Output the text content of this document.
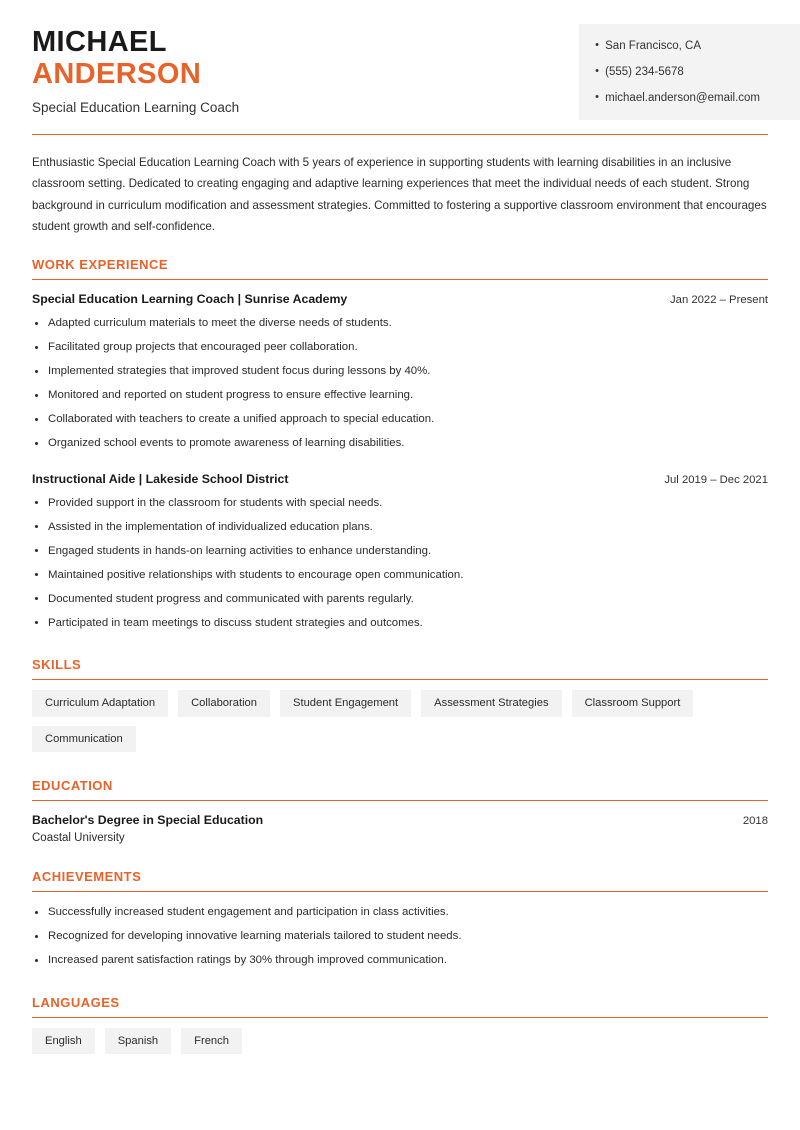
MICHAEL
ANDERSON
Special Education Learning Coach
• San Francisco, CA
• (555) 234-5678
• michael.anderson@email.com
Enthusiastic Special Education Learning Coach with 5 years of experience in supporting students with learning disabilities in an inclusive classroom setting. Dedicated to creating engaging and adaptive learning experiences that meet the individual needs of each student. Strong background in curriculum modification and assessment strategies. Committed to fostering a supportive classroom environment that encourages student growth and self-confidence.
WORK EXPERIENCE
Special Education Learning Coach | Sunrise Academy	Jan 2022 – Present
Adapted curriculum materials to meet the diverse needs of students.
Facilitated group projects that encouraged peer collaboration.
Implemented strategies that improved student focus during lessons by 40%.
Monitored and reported on student progress to ensure effective learning.
Collaborated with teachers to create a unified approach to special education.
Organized school events to promote awareness of learning disabilities.
Instructional Aide | Lakeside School District	Jul 2019 – Dec 2021
Provided support in the classroom for students with special needs.
Assisted in the implementation of individualized education plans.
Engaged students in hands-on learning activities to enhance understanding.
Maintained positive relationships with students to encourage open communication.
Documented student progress and communicated with parents regularly.
Participated in team meetings to discuss student strategies and outcomes.
SKILLS
Curriculum Adaptation	Collaboration	Student Engagement	Assessment Strategies	Classroom Support
Communication
EDUCATION
Bachelor's Degree in Special Education	2018
Coastal University
ACHIEVEMENTS
Successfully increased student engagement and participation in class activities.
Recognized for developing innovative learning materials tailored to student needs.
Increased parent satisfaction ratings by 30% through improved communication.
LANGUAGES
English	Spanish	French
